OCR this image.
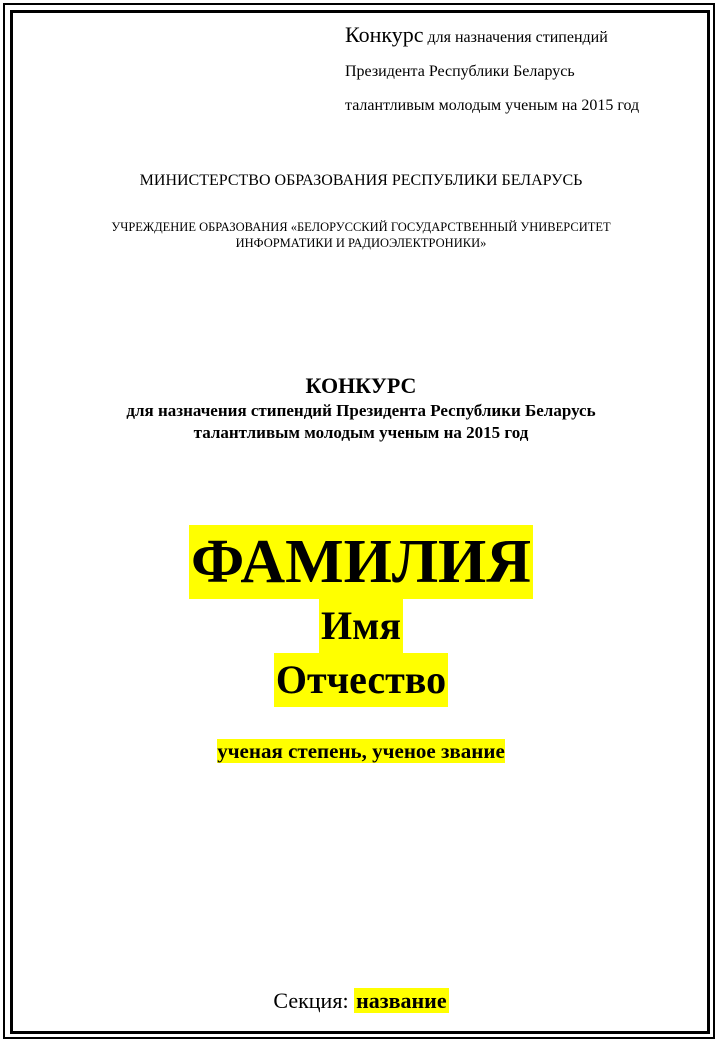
Конкурс для назначения стипендий
Президента Республики Беларусь
талантливым молодым ученым на 2015 год
МИНИСТЕРСТВО ОБРАЗОВАНИЯ РЕСПУБЛИКИ БЕЛАРУСЬ
УЧРЕЖДЕНИЕ ОБРАЗОВАНИЯ «БЕЛОРУССКИЙ ГОСУДАРСТВЕННЫЙ УНИВЕРСИТЕТ
ИНФОРМАТИКИ И РАДИОЭЛЕКТРОНИКИ»
КОНКУРС
для назначения стипендий Президента Республики Беларусь
талантливым молодым ученым на 2015 год
ФАМИЛИЯ
Имя
Отчество
ученая степень, ученое звание
Секция: название
